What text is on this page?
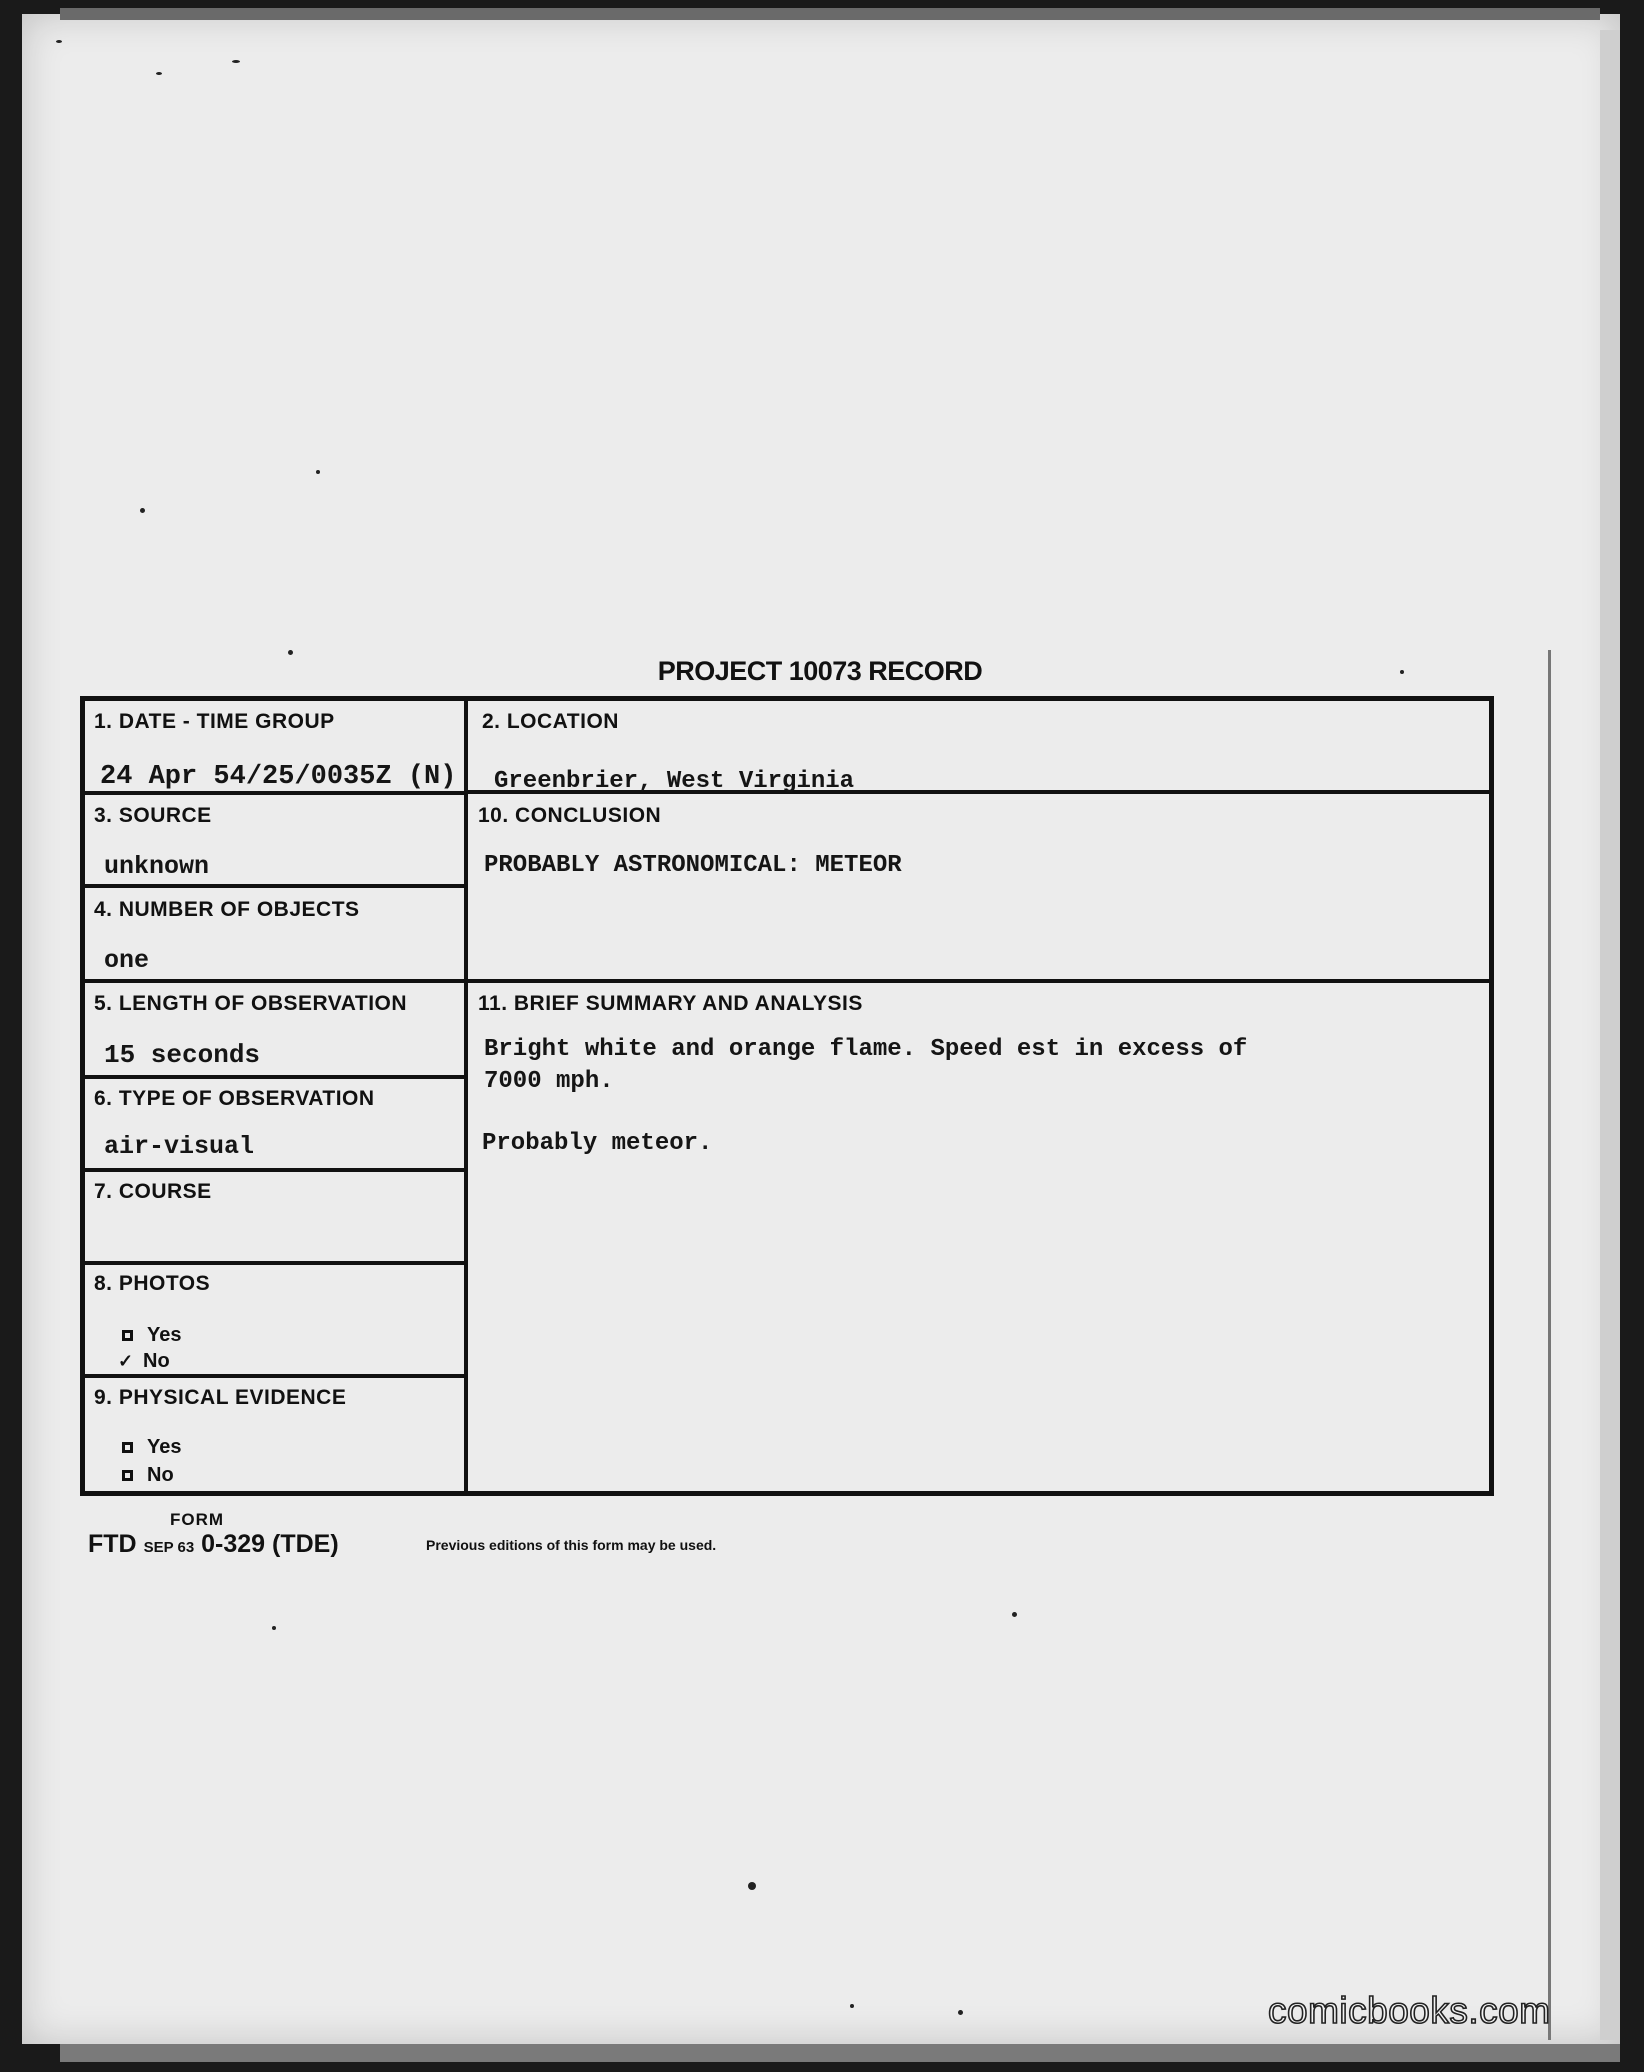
PROJECT 10073 RECORD
1. DATE - TIME GROUP
24 Apr 54/25/0035Z (N)
2. LOCATION
Greenbrier, West Virginia
3. SOURCE
unknown
10. CONCLUSION
PROBABLY ASTRONOMICAL: METEOR
4. NUMBER OF OBJECTS
one
5. LENGTH OF OBSERVATION
15 seconds
11. BRIEF SUMMARY AND ANALYSIS
Bright white and orange flame. Speed est in excess of
7000 mph.
Probably meteor.
6. TYPE OF OBSERVATION
air-visual
7. COURSE
8. PHOTOS
Yes
✓ No
9. PHYSICAL EVIDENCE
Yes
No
FORM
FTD SEP 63 0-329 (TDE)	Previous editions of this form may be used.
comicbooks.com
